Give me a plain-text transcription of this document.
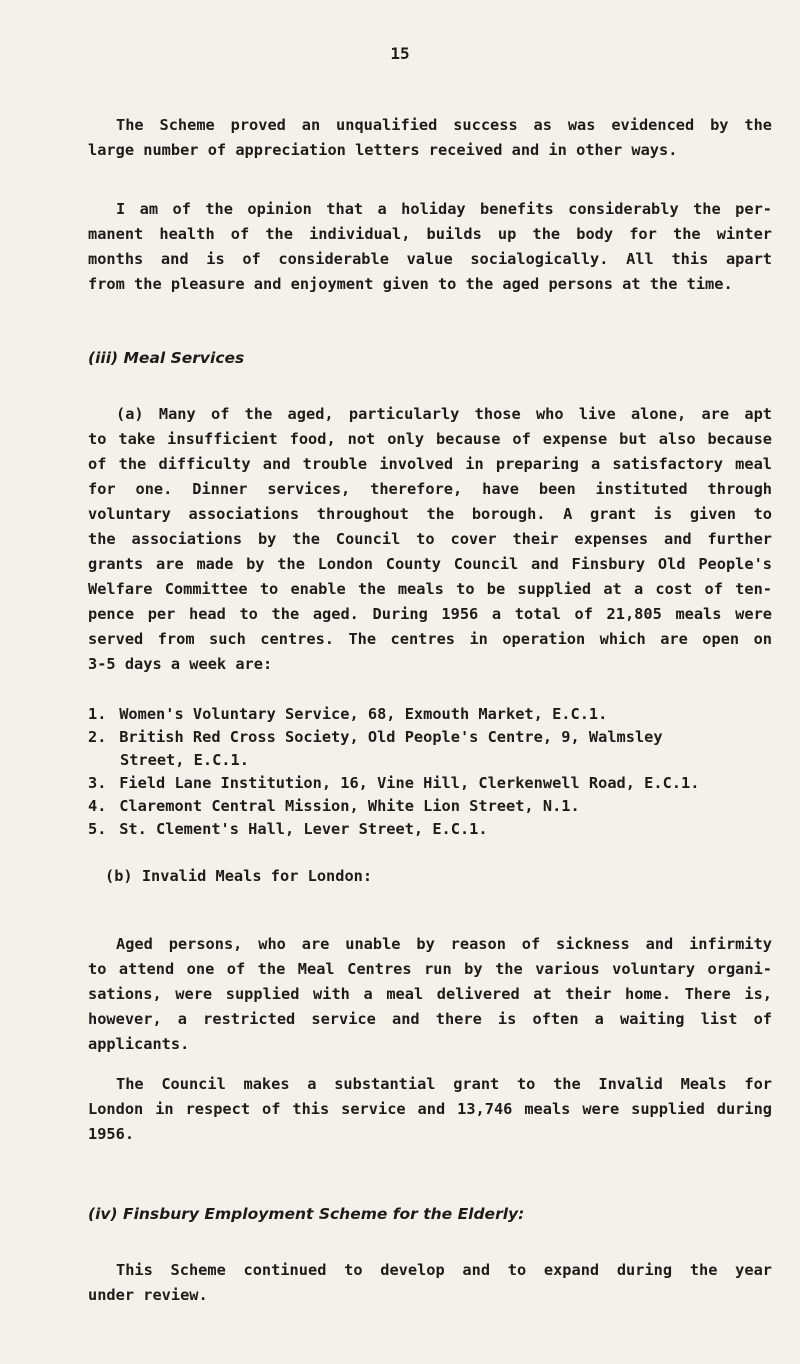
15
The Scheme proved an unqualified success as was evidenced by the
large number of appreciation letters received and in other ways.
I am of the opinion that a holiday benefits considerably the per-
manent health of the individual, builds up the body for the winter
months and is of considerable value socialogically. All this apart
from the pleasure and enjoyment given to the aged persons at the time.
(iii) Meal Services
(a) Many of the aged, particularly those who live alone, are apt
to take insufficient food, not only because of expense but also because
of the difficulty and trouble involved in preparing a satisfactory meal
for one. Dinner services, therefore, have been instituted through
voluntary associations throughout the borough. A grant is given to
the associations by the Council to cover their expenses and further
grants are made by the London County Council and Finsbury Old People's
Welfare Committee to enable the meals to be supplied at a cost of ten-
pence per head to the aged. During 1956 a total of 21,805 meals were
served from such centres. The centres in operation which are open on
3-5 days a week are:
1. Women's Voluntary Service, 68, Exmouth Market, E.C.1.
2. British Red Cross Society, Old People's Centre, 9, Walmsley
Street, E.C.1.
3. Field Lane Institution, 16, Vine Hill, Clerkenwell Road, E.C.1.
4. Claremont Central Mission, White Lion Street, N.1.
5. St. Clement's Hall, Lever Street, E.C.1.
(b) Invalid Meals for London:
Aged persons, who are unable by reason of sickness and infirmity
to attend one of the Meal Centres run by the various voluntary organi-
sations, were supplied with a meal delivered at their home. There is,
however, a restricted service and there is often a waiting list of
applicants.
The Council makes a substantial grant to the Invalid Meals for
London in respect of this service and 13,746 meals were supplied during
1956.
(iv) Finsbury Employment Scheme for the Elderly:
This Scheme continued to develop and to expand during the year
under review.
